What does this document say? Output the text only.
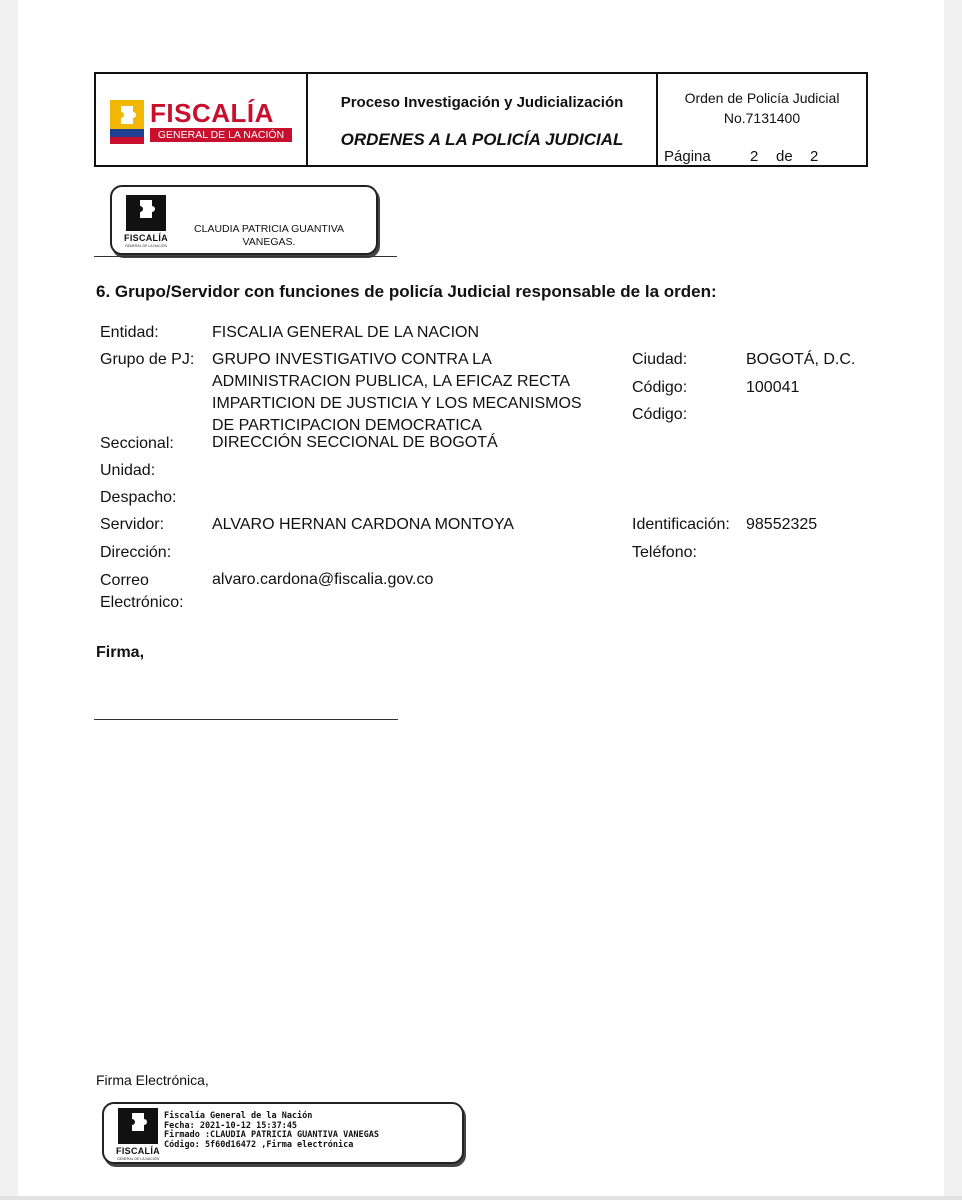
FISCALÍA
GENERAL DE LA NACIÓN
Proceso Investigación y Judicialización
ORDENES A LA POLICÍA JUDICIAL
Orden de Policía Judicial
No.7131400
Página	2 de 2
FISCALÍA
GENERAL DE LA NACIÓN
CLAUDIA PATRICIA GUANTIVA
VANEGAS.
6. Grupo/Servidor con funciones de policía Judicial responsable de la orden:
Entidad:	FISCALIA GENERAL DE LA NACION
Grupo de PJ: GRUPO INVESTIGATIVO CONTRA LA
ADMINISTRACION PUBLICA, LA EFICAZ RECTA
IMPARTICION DE JUSTICIA Y LOS MECANISMOS
DE PARTICIPACION DEMOCRATICA
Ciudad:	BOGOTÁ, D.C.
Código:	100041
Código:
Seccional: DIRECCIÓN SECCIONAL DE BOGOTÁ
Unidad:
Despacho:
Servidor:	ALVARO HERNAN CARDONA MONTOYA	Identificación: 98552325
Dirección:	Teléfono:
Correo
Electrónico:
alvaro.cardona@fiscalia.gov.co
Firma,
Firma Electrónica,
FISCALÍA
GENERAL DE LA NACIÓN
Fiscalía General de la Nación
Fecha: 2021-10-12 15:37:45
Firmado :CLAUDIA PATRICIA GUANTIVA VANEGAS
Código: 5f60d16472 ,Firma electrónica
